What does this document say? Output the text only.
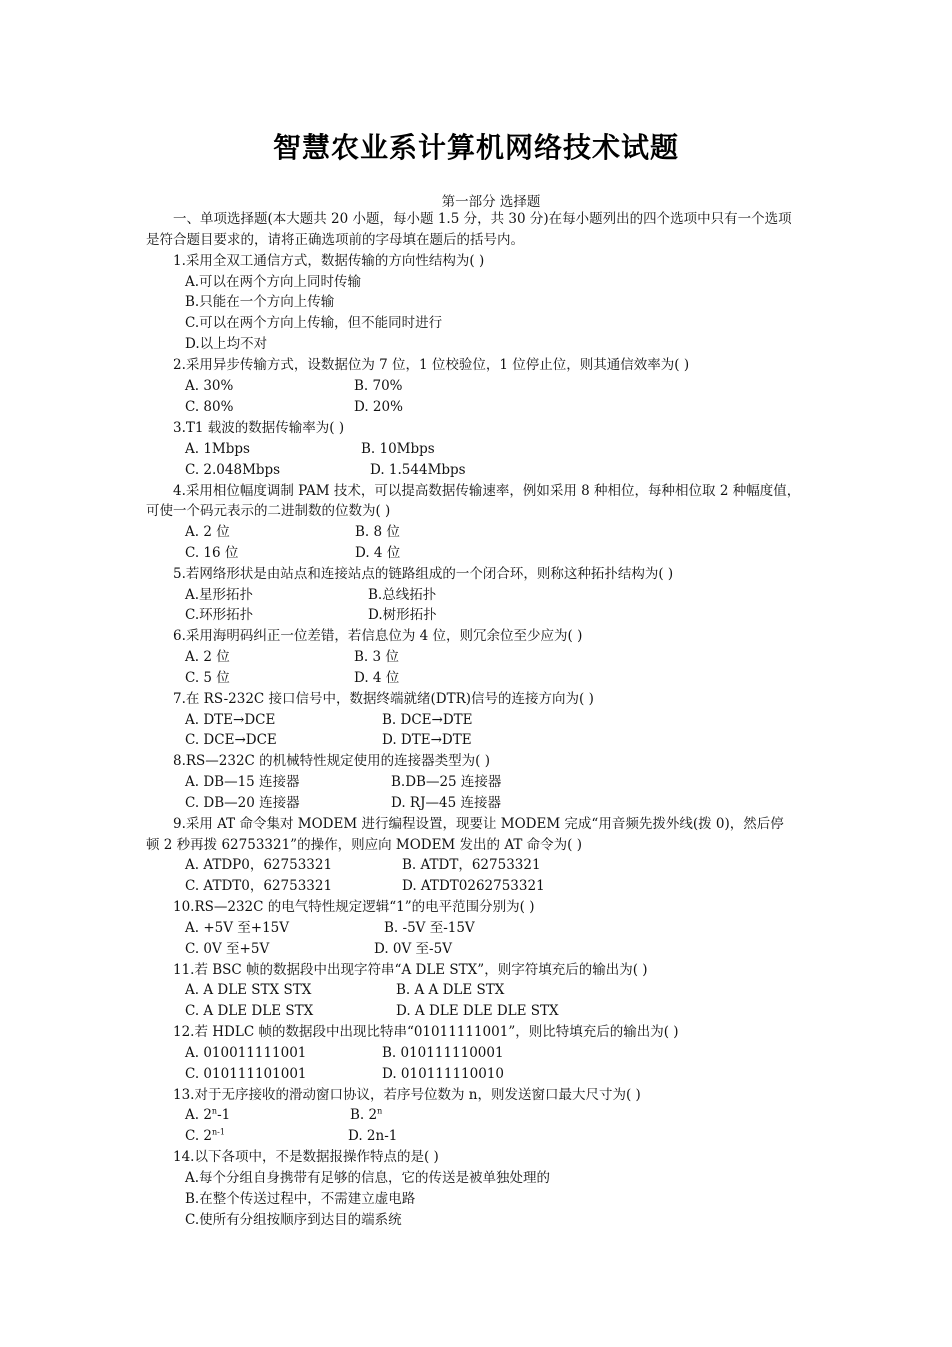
智慧农业系计算机网络技术试题
第一部分 选择题
一、单项选择题(本大题共 20 小题，每小题 1.5 分，共 30 分)在每小题列出的四个选项中只有一个选项
是符合题目要求的，请将正确选项前的字母填在题后的括号内。
1.采用全双工通信方式，数据传输的方向性结构为( )
A.可以在两个方向上同时传输
B.只能在一个方向上传输
C.可以在两个方向上传输，但不能同时进行
D.以上均不对
2.采用异步传输方式，设数据位为 7 位，1 位校验位，1 位停止位，则其通信效率为( )
A. 30%	B. 70%
C. 80%	D. 20%
3.T1 载波的数据传输率为( )
A. 1Mbps	B. 10Mbps
C. 2.048Mbps	D. 1.544Mbps
4.采用相位幅度调制 PAM 技术，可以提高数据传输速率，例如采用 8 种相位，每种相位取 2 种幅度值，
可使一个码元表示的二进制数的位数为( )
A. 2 位	B. 8 位
C. 16 位	D. 4 位
5.若网络形状是由站点和连接站点的链路组成的一个闭合环，则称这种拓扑结构为( )
A.星形拓扑	B.总线拓扑
C.环形拓扑	D.树形拓扑
6.采用海明码纠正一位差错，若信息位为 4 位，则冗余位至少应为( )
A. 2 位	B. 3 位
C. 5 位	D. 4 位
7.在 RS-232C 接口信号中，数据终端就绪(DTR)信号的连接方向为( )
A. DTE→DCE	B. DCE→DTE
C. DCE→DCE	D. DTE→DTE
8.RS—232C 的机械特性规定使用的连接器类型为( )
A. DB—15 连接器	B.DB—25 连接器
C. DB—20 连接器	D. RJ—45 连接器
9.采用 AT 命令集对 MODEM 进行编程设置，现要让 MODEM 完成“用音频先拨外线(拨 0)，然后停
顿 2 秒再拨 62753321”的操作，则应向 MODEM 发出的 AT 命令为( )
A. ATDP0，62753321	B. ATDT，62753321
C. ATDT0，62753321	D. ATDT0262753321
10.RS—232C 的电气特性规定逻辑“1”的电平范围分别为( )
A. +5V 至+15V	B. -5V 至-15V
C. 0V 至+5V	D. 0V 至-5V
11.若 BSC 帧的数据段中出现字符串“A DLE STX”，则字符填充后的输出为( )
A. A DLE STX STX	B. A A DLE STX
C. A DLE DLE STX	D. A DLE DLE DLE STX
12.若 HDLC 帧的数据段中出现比特串“01011111001”，则比特填充后的输出为( )
A. 010011111001	B. 010111110001
C. 010111101001	D. 010111110010
13.对于无序接收的滑动窗口协议，若序号位数为 n，则发送窗口最大尺寸为( )
A. 2$^n$-1	B. 2$^n$
C. 2$^{n-1}$	D. 2n-1
14.以下各项中，不是数据报操作特点的是( )
A.每个分组自身携带有足够的信息，它的传送是被单独处理的
B.在整个传送过程中，不需建立虚电路
C.使所有分组按顺序到达目的端系统
